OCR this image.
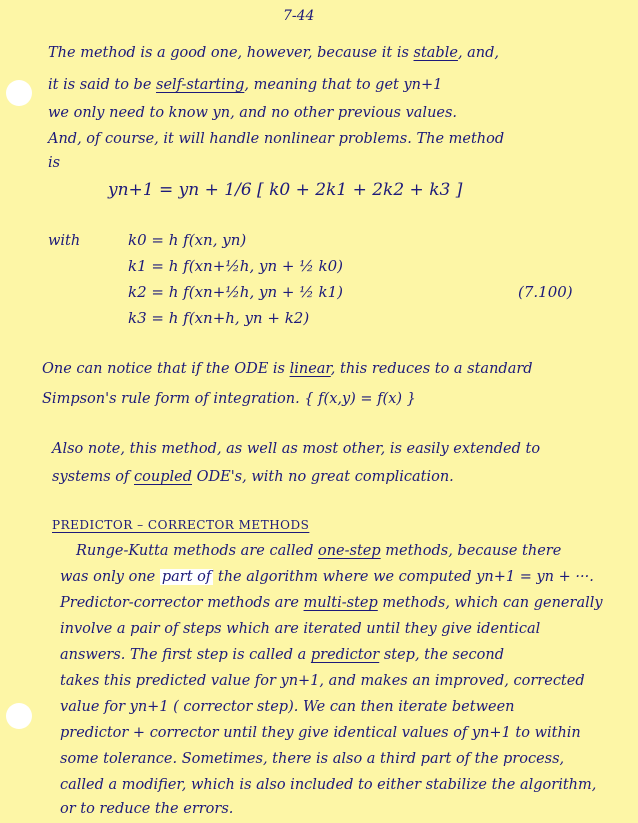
7-44
The method is a good one, however, because it is stable, and,
it is said to be self-starting, meaning that to get yn+1
we only need to know yn, and no other previous values.
And, of course, it will handle nonlinear problems. The method
is
yn+1 = yn + 1/6 [ k0 + 2k1 + 2k2 + k3 ]
with	k0 = h f(xn, yn)
k1 = h f(xn+½h, yn + ½ k0)
k2 = h f(xn+½h, yn + ½ k1)
k3 = h f(xn+h, yn + k2)
(7.100)
One can notice that if the ODE is linear, this reduces to a standard
Simpson's rule form of integration. { f(x,y) = f(x) }
Also note, this method, as well as most other, is easily extended to
systems of coupled ODE's, with no great complication.
PREDICTOR – CORRECTOR METHODS
Runge-Kutta methods are called one-step methods, because there
was only one part of the algorithm where we computed yn+1 = yn + ···.
Predictor-corrector methods are multi-step methods, which can generally
involve a pair of steps which are iterated until they give identical
answers. The first step is called a predictor step, the second
takes this predicted value for yn+1, and makes an improved, corrected
value for yn+1 ( corrector step). We can then iterate between
predictor + corrector until they give identical values of yn+1 to within
some tolerance. Sometimes, there is also a third part of the process,
called a modifier, which is also included to either stabilize the algorithm,
or to reduce the errors.
